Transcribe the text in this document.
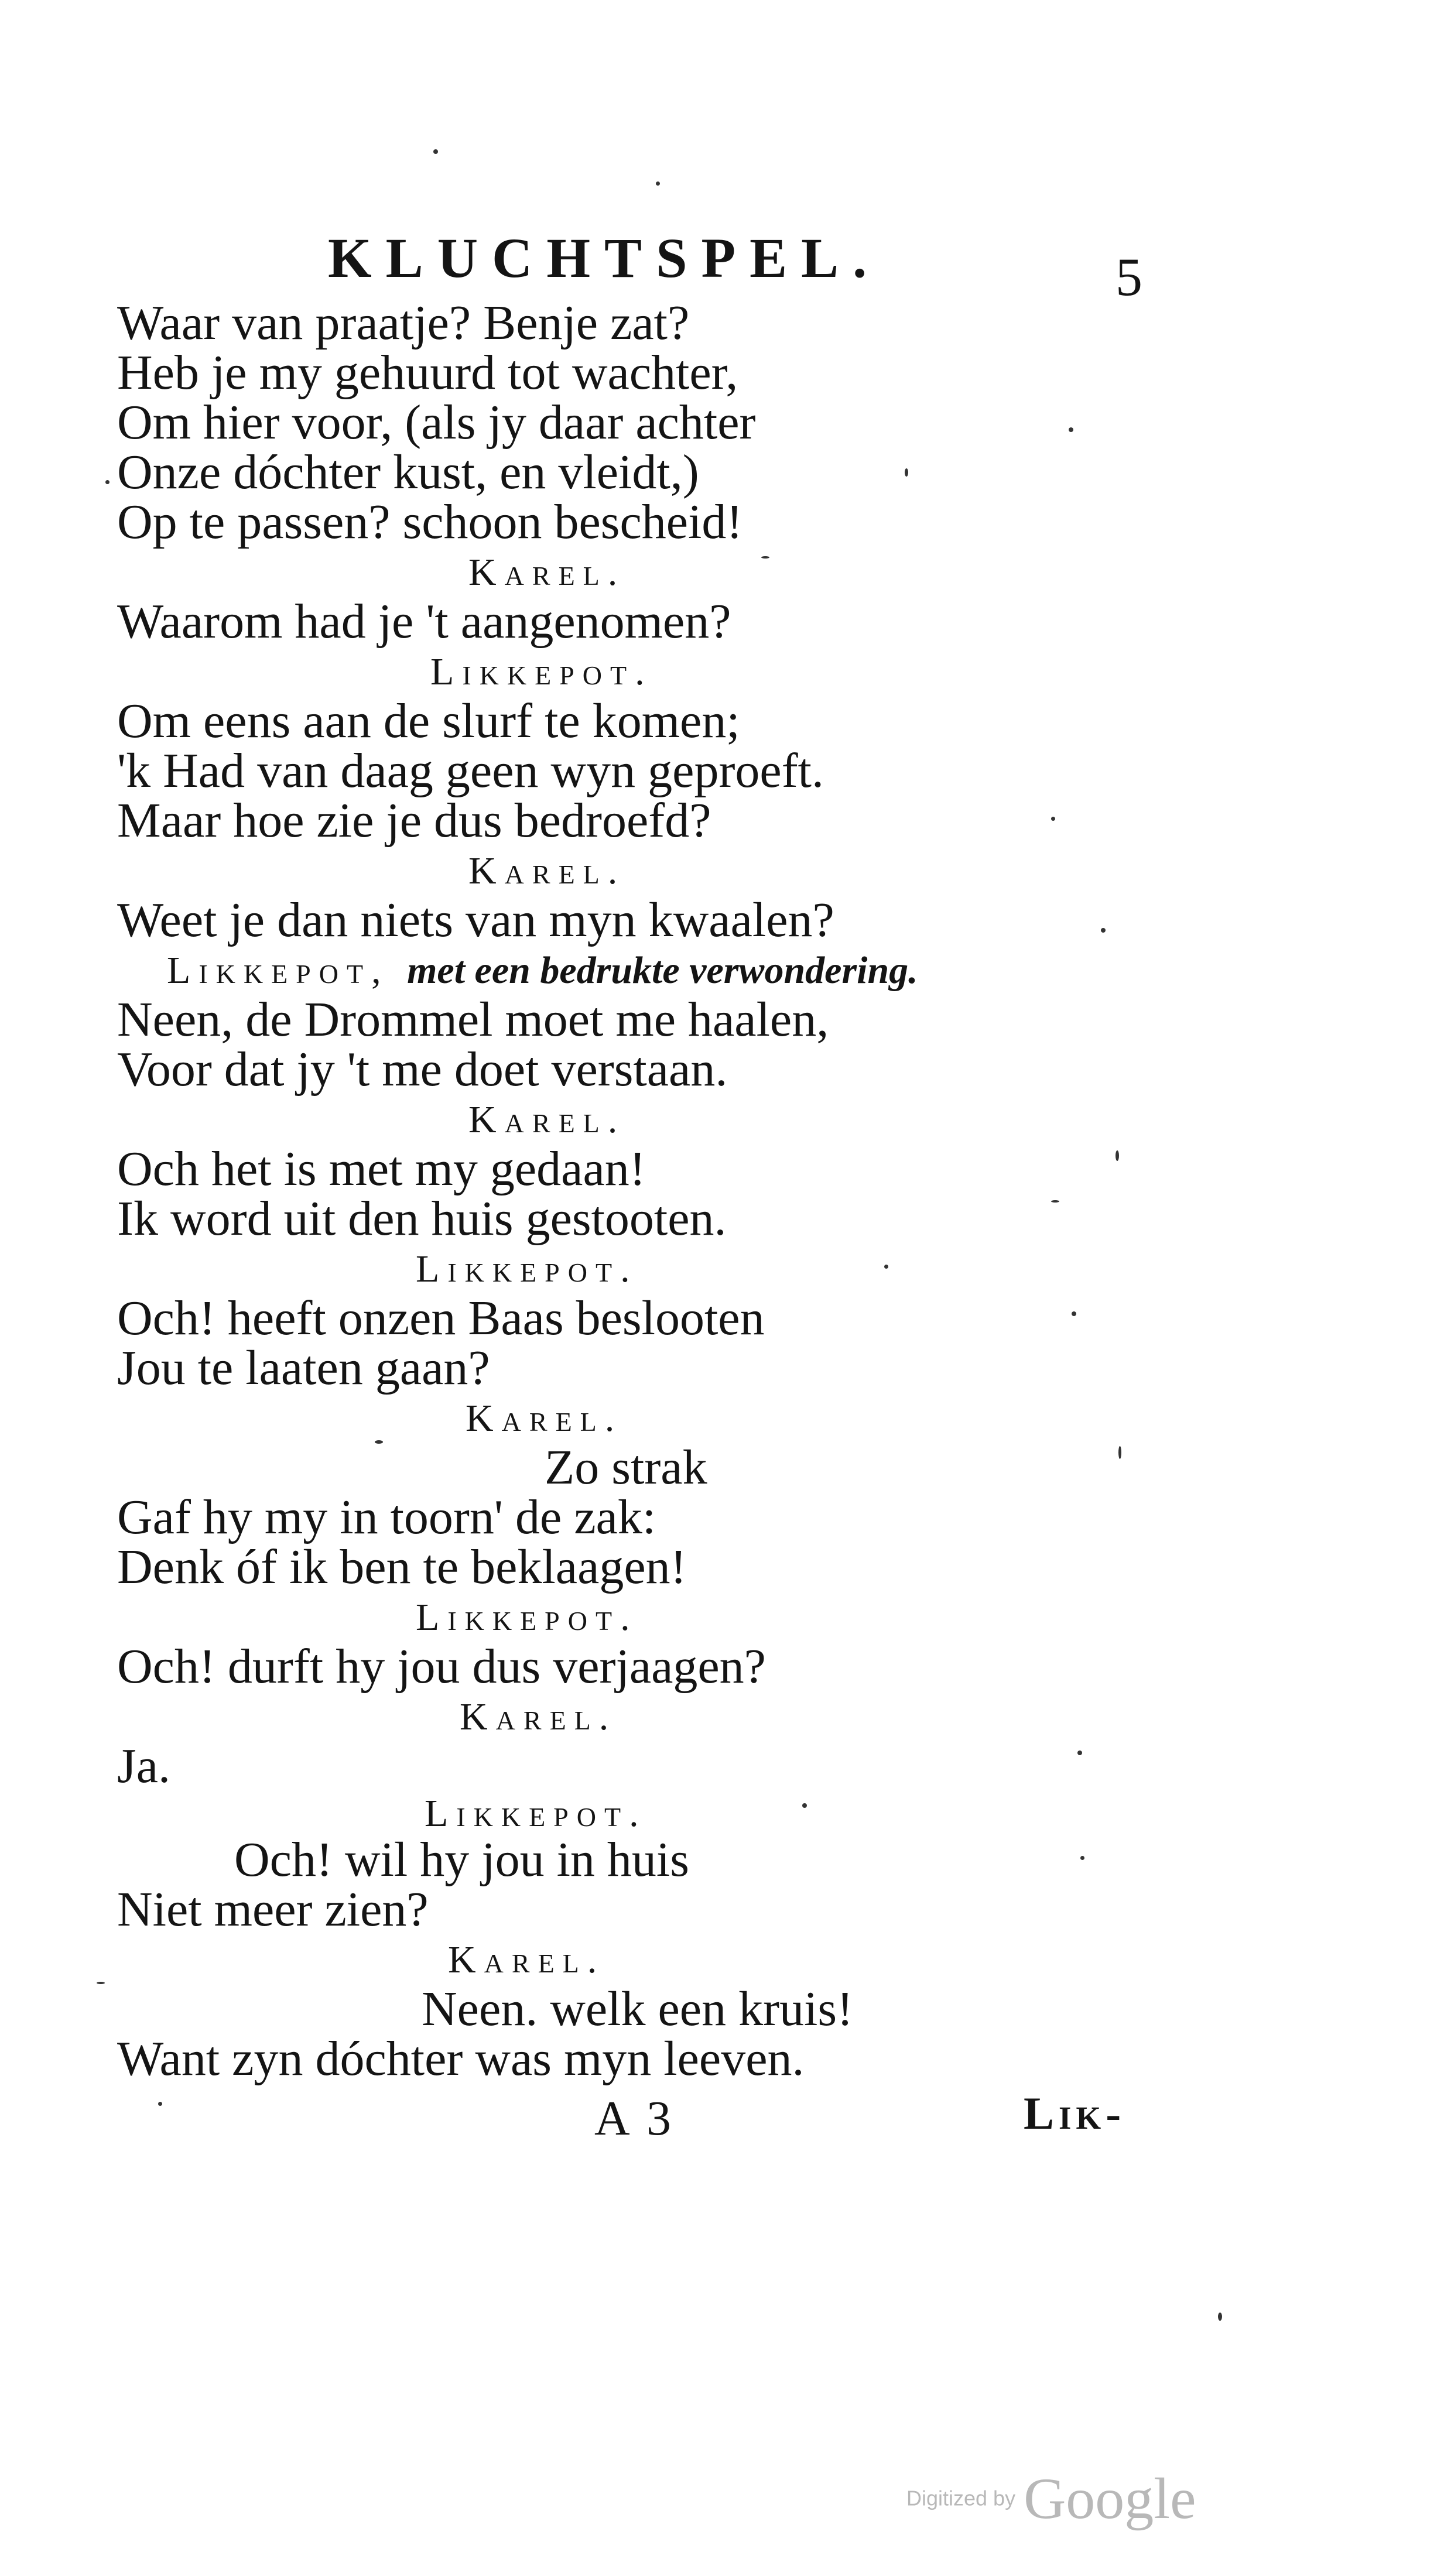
KLUCHTSPEL.	5
Waar van praatje? Benje zat?
Heb je my gehuurd tot wachter,
Om hier voor, (als jy daar achter
Onze dóchter kust, en vleidt,)
Op te passen? schoon bescheid!
Karel.
Waarom had je 't aangenomen?
Likkepot.
Om eens aan de slurf te komen;
'k Had van daag geen wyn geproeft.
Maar hoe zie je dus bedroefd?
Karel.
Weet je dan niets van myn kwaalen?
Likkepot, met een bedrukte verwondering.
Neen, de Drommel moet me haalen,
Voor dat jy 't me doet verstaan.
Karel.
Och het is met my gedaan!
Ik word uit den huis gestooten.
Likkepot.
Och! heeft onzen Baas beslooten
Jou te laaten gaan?
Karel.
Zo strak
Gaf hy my in toorn' de zak:
Denk óf ik ben te beklaagen!
Likkepot.
Och! durft hy jou dus verjaagen?
Karel.
Ja.
Likkepot.
Och! wil hy jou in huis
Niet meer zien?
Karel.
Neen. welk een kruis!
Want zyn dóchter was myn leeven.
A 3	Lik-
Digitized by Google
